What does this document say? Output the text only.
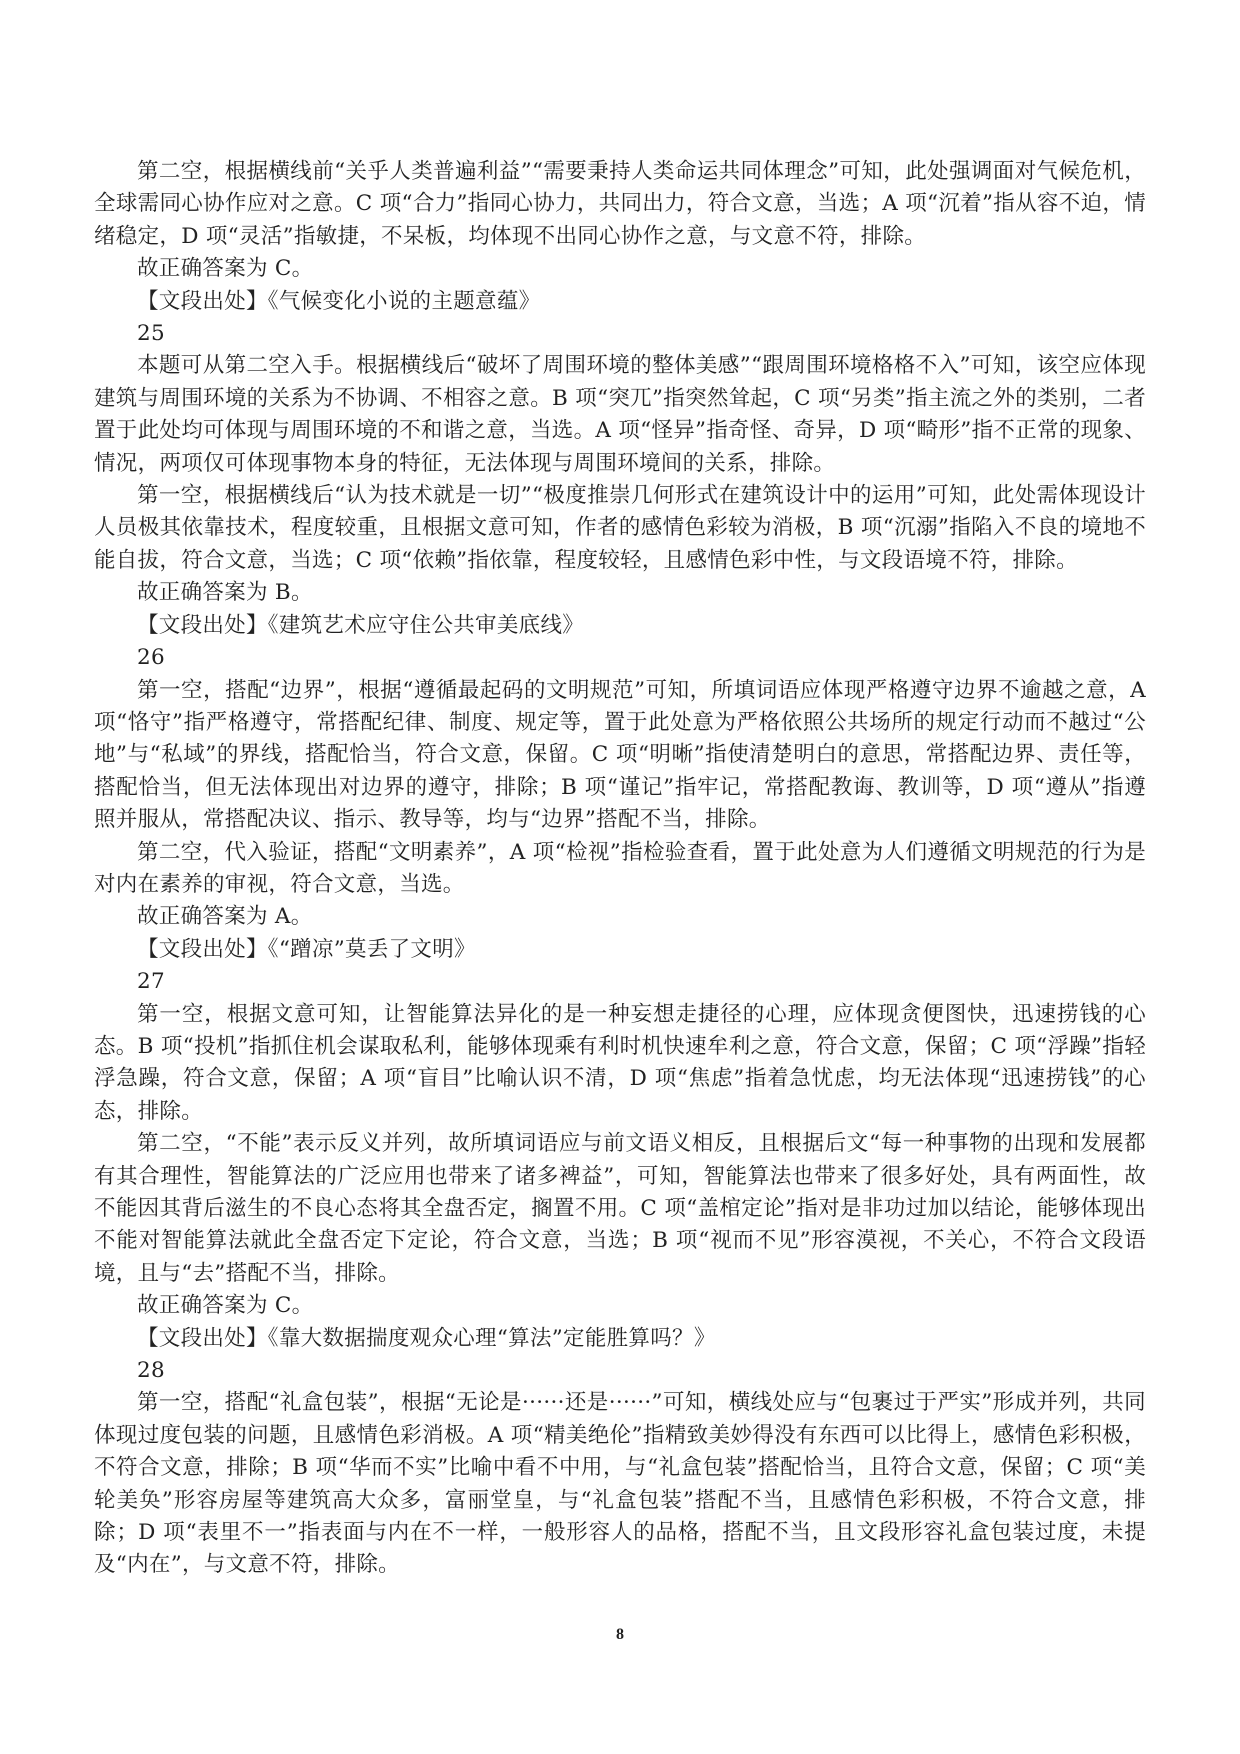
第二空，根据横线前“关乎人类普遍利益”“需要秉持人类命运共同体理念”可知，此处强调面对气候危机，全球需同心协作应对之意。C 项“合力”指同心协力，共同出力，符合文意，当选；A 项“沉着”指从容不迫，情绪稳定，D 项“灵活”指敏捷，不呆板，均体现不出同心协作之意，与文意不符，排除。

故正确答案为 C。

【文段出处】《气候变化小说的主题意蕴》

25

本题可从第二空入手。根据横线后“破坏了周围环境的整体美感”“跟周围环境格格不入”可知，该空应体现建筑与周围环境的关系为不协调、不相容之意。B 项“突兀”指突然耸起，C 项“另类”指主流之外的类别，二者置于此处均可体现与周围环境的不和谐之意，当选。A 项“怪异”指奇怪、奇异，D 项“畸形”指不正常的现象、情况，两项仅可体现事物本身的特征，无法体现与周围环境间的关系，排除。

第一空，根据横线后“认为技术就是一切”“极度推崇几何形式在建筑设计中的运用”可知，此处需体现设计人员极其依靠技术，程度较重，且根据文意可知，作者的感情色彩较为消极，B 项“沉溺”指陷入不良的境地不能自拔，符合文意，当选；C 项“依赖”指依靠，程度较轻，且感情色彩中性，与文段语境不符，排除。

故正确答案为 B。

【文段出处】《建筑艺术应守住公共审美底线》

26

第一空，搭配“边界”，根据“遵循最起码的文明规范”可知，所填词语应体现严格遵守边界不逾越之意，A 项“恪守”指严格遵守，常搭配纪律、制度、规定等，置于此处意为严格依照公共场所的规定行动而不越过“公地”与“私域”的界线，搭配恰当，符合文意，保留。C 项“明晰”指使清楚明白的意思，常搭配边界、责任等，搭配恰当，但无法体现出对边界的遵守，排除；B 项“谨记”指牢记，常搭配教诲、教训等，D 项“遵从”指遵照并服从，常搭配决议、指示、教导等，均与“边界”搭配不当，排除。

第二空，代入验证，搭配“文明素养”，A 项“检视”指检验查看，置于此处意为人们遵循文明规范的行为是对内在素养的审视，符合文意，当选。

故正确答案为 A。

【文段出处】《“蹭凉”莫丢了文明》

27

第一空，根据文意可知，让智能算法异化的是一种妄想走捷径的心理，应体现贪便图快，迅速捞钱的心态。B 项“投机”指抓住机会谋取私利，能够体现乘有利时机快速牟利之意，符合文意，保留；C 项“浮躁”指轻浮急躁，符合文意，保留；A 项“盲目”比喻认识不清，D 项“焦虑”指着急忧虑，均无法体现“迅速捞钱”的心态，排除。

第二空，“不能”表示反义并列，故所填词语应与前文语义相反，且根据后文“每一种事物的出现和发展都有其合理性，智能算法的广泛应用也带来了诸多裨益”，可知，智能算法也带来了很多好处，具有两面性，故不能因其背后滋生的不良心态将其全盘否定，搁置不用。C 项“盖棺定论”指对是非功过加以结论，能够体现出不能对智能算法就此全盘否定下定论，符合文意，当选；B 项“视而不见”形容漠视，不关心，不符合文段语境，且与“去”搭配不当，排除。

故正确答案为 C。

【文段出处】《靠大数据揣度观众心理“算法”定能胜算吗？》

28

第一空，搭配“礼盒包装”，根据“无论是······还是······”可知，横线处应与“包裹过于严实”形成并列，共同体现过度包装的问题，且感情色彩消极。A 项“精美绝伦”指精致美妙得没有东西可以比得上，感情色彩积极，不符合文意，排除；B 项“华而不实”比喻中看不中用，与“礼盒包装”搭配恰当，且符合文意，保留；C 项“美轮美奂”形容房屋等建筑高大众多，富丽堂皇，与“礼盒包装”搭配不当，且感情色彩积极，不符合文意，排除；D 项“表里不一”指表面与内在不一样，一般形容人的品格，搭配不当，且文段形容礼盒包装过度，未提及“内在”，与文意不符，排除。

8
